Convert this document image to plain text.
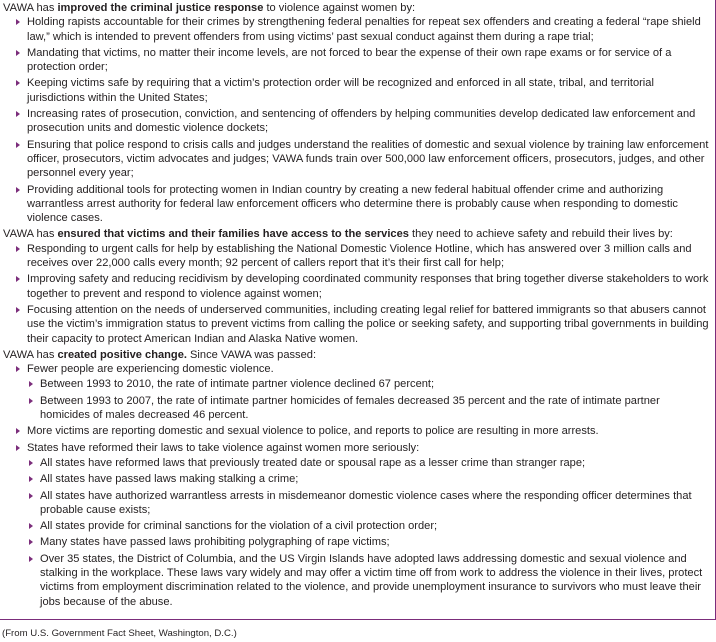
VAWA has improved the criminal justice response to violence against women by:

Holding rapists accountable for their crimes by strengthening federal penalties for repeat sex offenders and creating a federal “rape shield law,” which is intended to prevent offenders from using victims’ past sexual conduct against them during a rape trial;
Mandating that victims, no matter their income levels, are not forced to bear the expense of their own rape exams or for service of a protection order;
Keeping victims safe by requiring that a victim’s protection order will be recognized and enforced in all state, tribal, and territorial jurisdictions within the United States;
Increasing rates of prosecution, conviction, and sentencing of offenders by helping communities develop dedicated law enforcement and prosecution units and domestic violence dockets;
Ensuring that police respond to crisis calls and judges understand the realities of domestic and sexual violence by training law enforcement officer, prosecutors, victim advocates and judges; VAWA funds train over 500,000 law enforcement officers, prosecutors, judges, and other personnel every year;
Providing additional tools for protecting women in Indian country by creating a new federal habitual offender crime and authorizing warrantless arrest authority for federal law enforcement officers who determine there is probably cause when responding to domestic violence cases.

VAWA has ensured that victims and their families have access to the services they need to achieve safety and rebuild their lives by:

Responding to urgent calls for help by establishing the National Domestic Violence Hotline, which has answered over 3 million calls and receives over 22,000 calls every month; 92 percent of callers report that it’s their first call for help;
Improving safety and reducing recidivism by developing coordinated community responses that bring together diverse stakeholders to work together to prevent and respond to violence against women;
Focusing attention on the needs of underserved communities, including creating legal relief for battered immigrants so that abusers cannot use the victim’s immigration status to prevent victims from calling the police or seeking safety, and supporting tribal governments in building their capacity to protect American Indian and Alaska Native women.

VAWA has created positive change. Since VAWA was passed:

Fewer people are experiencing domestic violence.
Between 1993 to 2010, the rate of intimate partner violence declined 67 percent;
Between 1993 to 2007, the rate of intimate partner homicides of females decreased 35 percent and the rate of intimate partner homicides of males decreased 46 percent.
More victims are reporting domestic and sexual violence to police, and reports to police are resulting in more arrests.
States have reformed their laws to take violence against women more seriously:
All states have reformed laws that previously treated date or spousal rape as a lesser crime than stranger rape;
All states have passed laws making stalking a crime;
All states have authorized warrantless arrests in misdemeanor domestic violence cases where the responding officer determines that probable cause exists;
All states provide for criminal sanctions for the violation of a civil protection order;
Many states have passed laws prohibiting polygraphing of rape victims;
Over 35 states, the District of Columbia, and the US Virgin Islands have adopted laws addressing domestic and sexual violence and stalking in the workplace. These laws vary widely and may offer a victim time off from work to address the violence in their lives, protect victims from employment discrimination related to the violence, and provide unemployment insurance to survivors who must leave their jobs because of the abuse.
(From U.S. Government Fact Sheet, Washington, D.C.)
